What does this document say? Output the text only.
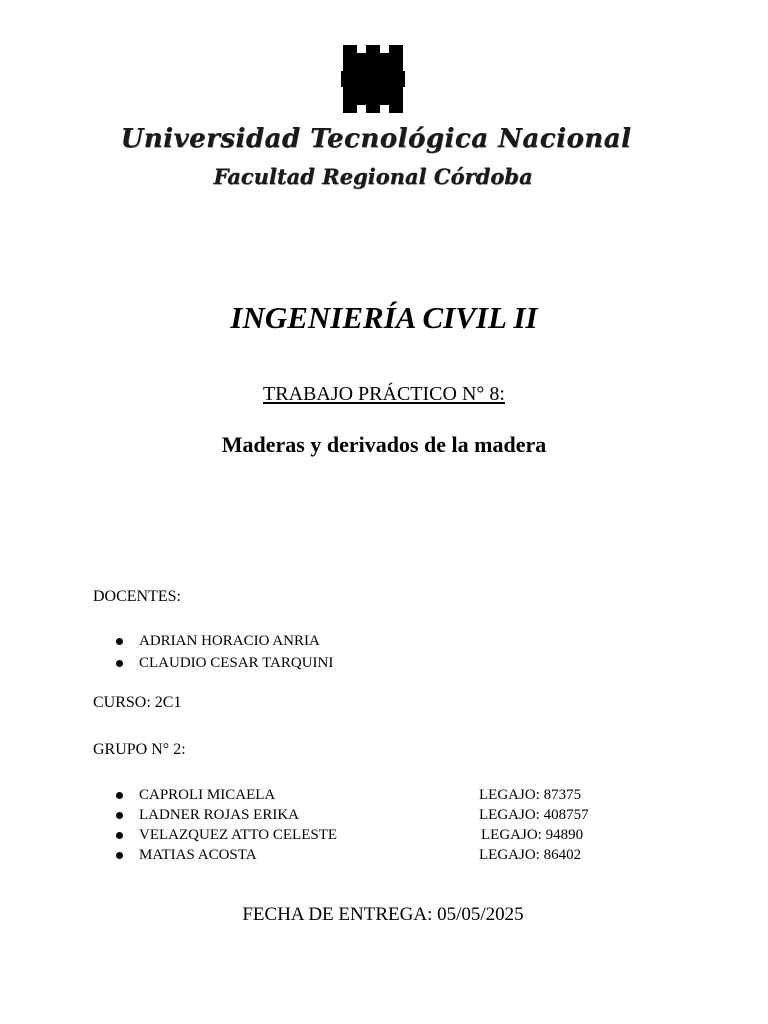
Universidad Tecnológica Nacional
Facultad Regional Córdoba
INGENIERÍA CIVIL II
TRABAJO PRÁCTICO N° 8:
Maderas y derivados de la madera
DOCENTES:
ADRIAN HORACIO ANRIA
CLAUDIO CESAR TARQUINI
CURSO: 2C1
GRUPO N° 2:
CAPROLI MICAELA	LEGAJO: 87375
LADNER ROJAS ERIKA	LEGAJO: 408757
VELAZQUEZ ATTO CELESTE	LEGAJO: 94890
MATIAS ACOSTA	LEGAJO: 86402
FECHA DE ENTREGA: 05/05/2025
